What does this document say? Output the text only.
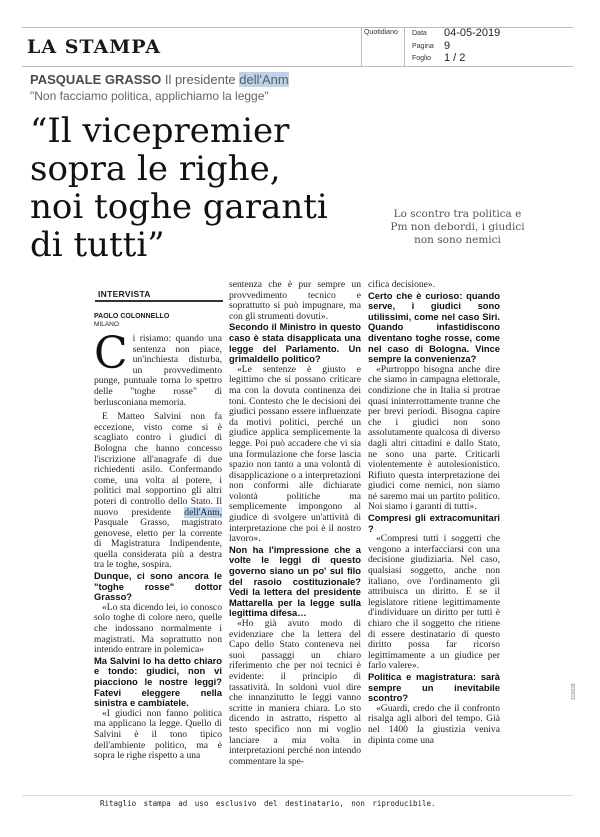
LA STAMPA
Quotidiano Data 04-05-2019
Pagina 9
Foglio 1 / 2
PASQUALE GRASSO Il presidente dell'Anm
"Non facciamo politica, applichiamo la legge"
“Il vicepremier sopra le righe, noi toghe garanti di tutti”
Lo scontro tra politica e Pm non debordi, i giudici non sono nemici
INTERVISTA
PAOLO COLONNELLO
MILANO

Ci risiamo: quando una sentenza non piace, un'inchiesta disturba, un provvedimento punge, puntuale torna lo spettro delle "toghe rosse" di berlusconiana memoria.

E Matteo Salvini non fa eccezione, visto come si è scagliato contro i giudici di Bologna che hanno concesso l'iscrizione all'anagrafe di due richiedenti asilo. Confermando come, una volta al potere, i politici mal sopportino gli altri poteri di controllo dello Stato. Il nuovo presidente dell'Anm, Pasquale Grasso, magistrato genovese, eletto per la corrente di Magistratura Indipendente, quella considerata più a destra tra le toghe, sospira.

Dunque, ci sono ancora le "toghe rosse" dottor Grasso?

«Lo sta dicendo lei, io conosco solo toghe di colore nero, quelle che indossano normalmente i magistrati. Ma soprattutto non intendo entrare in polemica»

Ma Salvini lo ha detto chiaro e tondo: giudici, non vi piacciono le nostre leggi? Fatevi eleggere nella sinistra e cambiatele.

«I giudici non fanno politica ma applicano la legge. Quello di Salvini è il tono tipico dell'ambiente politico, ma è sopra le righe rispetto a una

sentenza che è pur sempre un provvedimento tecnico e soprattutto si può impugnare, ma con gli strumenti dovuti».

Secondo il Ministro in questo caso è stata disapplicata una legge del Parlamento. Un grimaldello politico?

«Le sentenze è giusto e legittimo che si possano criticare ma con la dovuta continenza dei toni. Contesto che le decisioni dei giudici possano essere influenzate da motivi politici, perché un giudice applica semplicemente la legge. Poi può accadere che vi sia una formulazione che forse lascia spazio non tanto a una volontà di disapplicazione o a interpretazioni non conformi alle dichiarate volontà politiche ma semplicemente impongono al giudice di svolgere un'attività di interpretazione che poi è il nostro lavoro».

Non ha l'impressione che a volte le leggi di questo governo siano un po' sul filo del rasoio costituzionale? Vedi la lettera del presidente Mattarella per la legge sulla legittima difesa…

«Ho già avuto modo di evidenziare che la lettera del Capo dello Stato conteneva nei suoi passaggi un chiaro riferimento che per noi tecnici è evidente: il principio di tassatività. In soldoni vuol dire che innanzitutto le leggi vanno scritte in maniera chiara. Lo sto dicendo in astratto, rispetto al testo specifico non mi voglio lanciare a mia volta in interpretazioni perché non intendo commentare la spe-

cifica decisione».

Certo che è curioso: quando serve, i giudici sono utilissimi, come nel caso Siri. Quando infastidiscono diventano toghe rosse, come nel caso di Bologna. Vince sempre la convenienza?

«Purtroppo bisogna anche dire che siamo in campagna elettorale, condizione che in Italia si protrae quasi ininterrottamente tranne che per brevi periodi. Bisogna capire che i giudici non sono assolutamente qualcosa di diverso dagli altri cittadini e dallo Stato, ne sono una parte. Criticarli violentemente è autolesionistico. Rifiuto questa interpretazione dei giudici come nemici, non siamo né saremo mai un partito politico. Noi siamo i garanti di tutti».

Compresi gli extracomunitari ?

«Compresi tutti i soggetti che vengono a interfacciarsi con una decisione giudiziaria. Nel caso, qualsiasi soggetto, anche non italiano, ove l'ordinamento gli attribuisca un diritto. E se il legislatore ritiene legittimamente d'individuare un diritto per tutti è chiaro che il soggetto che ritiene di essere destinatario di questo diritto possa far ricorso legittimamente a un giudice per farlo valere».

Politica e magistratura: sarà sempre un inevitabile scontro?

«Guardi, credo che il confronto risalga agli albori del tempo. Già nel 1400 la giustizia veniva dipinta come una

102628
Ritaglio stampa ad uso esclusivo del destinatario, non riproducibile.
